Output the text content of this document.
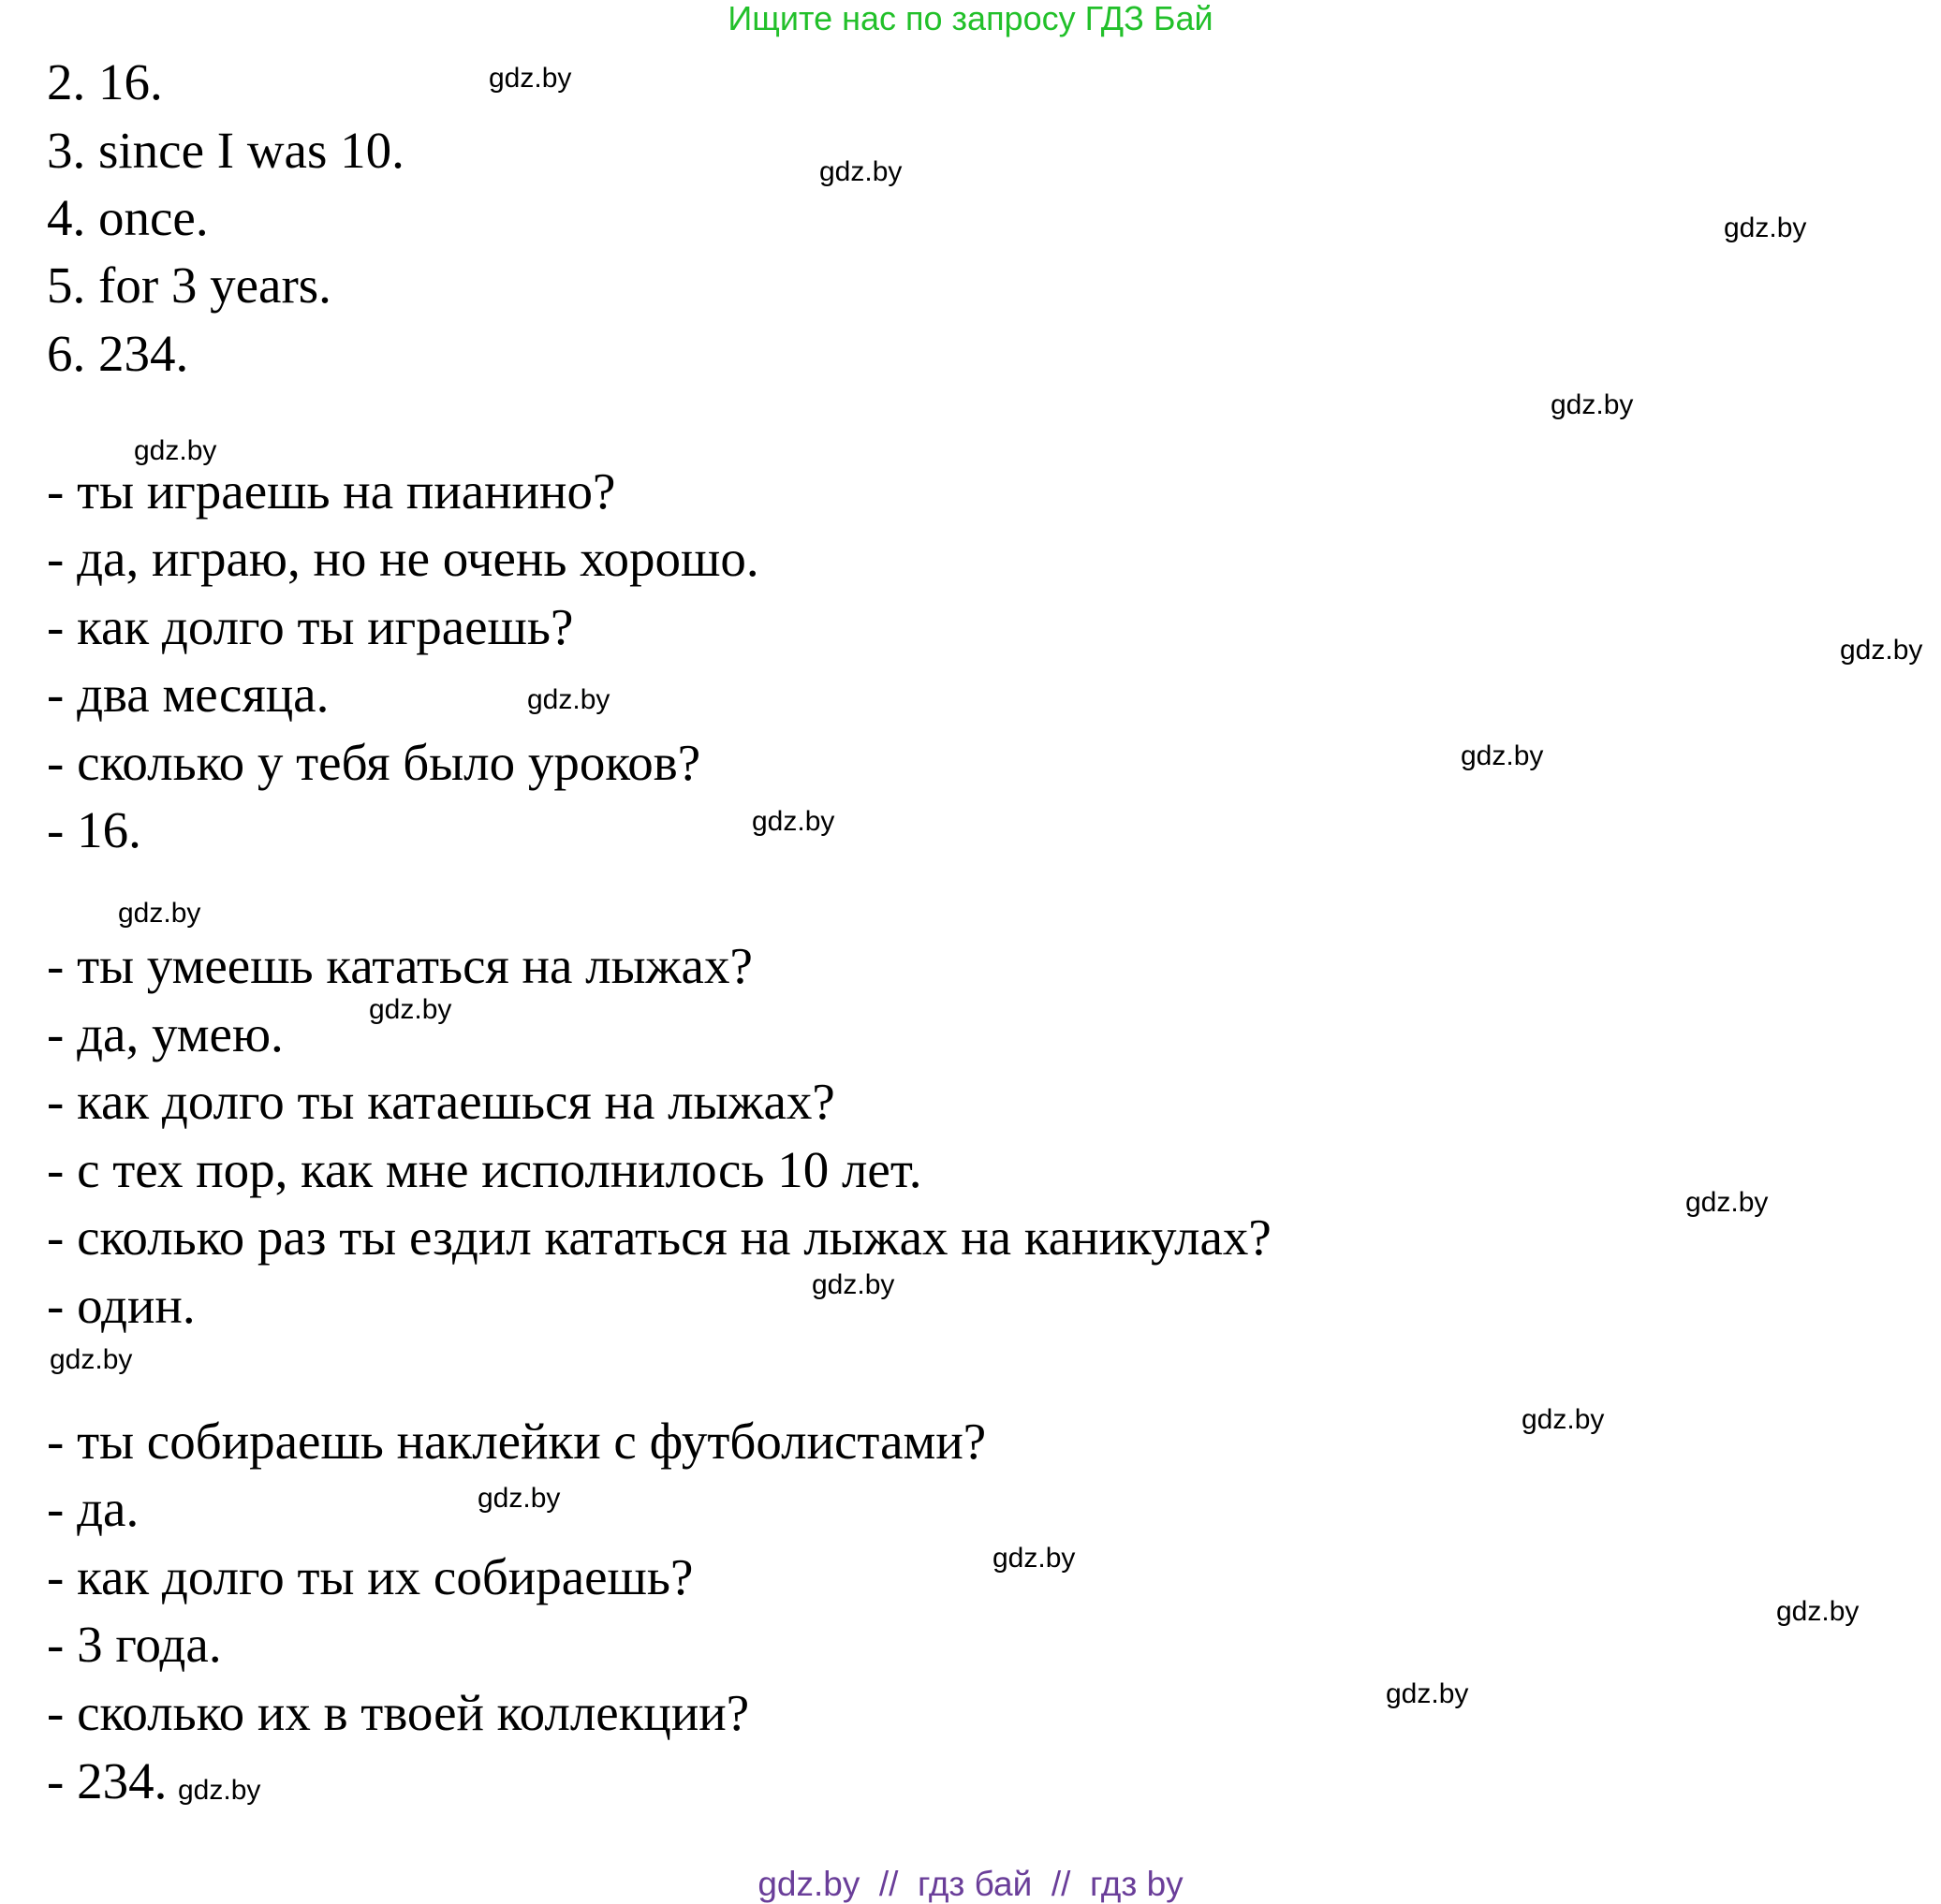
Ищите нас по запросу ГДЗ Бай
2. 16.
3. since I was 10.
4. once.
5. for 3 years.
6. 234.
- ты играешь на пианино?
- да, играю, но не очень хорошо.
- как долго ты играешь?
- два месяца.
- сколько у тебя было уроков?
- 16.
- ты умеешь кататься на лыжах?
- да, умею.
- как долго ты катаешься на лыжах?
- с тех пор, как мне исполнилось 10 лет.
- сколько раз ты ездил кататься на лыжах на каникулах?
- один.
- ты собираешь наклейки с футболистами?
- да.
- как долго ты их собираешь?
- 3 года.
- сколько их в твоей коллекции?
- 234.
gdz.by
gdz.by
gdz.by
gdz.by
gdz.by
gdz.by
gdz.by
gdz.by
gdz.by
gdz.by
gdz.by
gdz.by
gdz.by
gdz.by
gdz.by
gdz.by
gdz.by
gdz.by
gdz.by
gdz.by
gdz.by  //  гдз бай  //  гдз by
